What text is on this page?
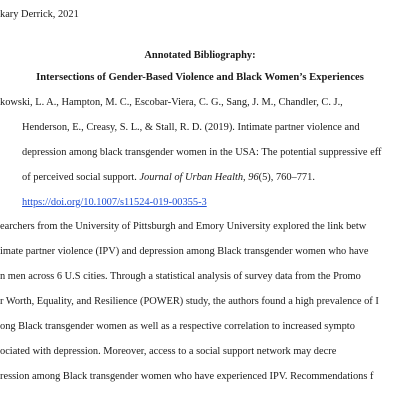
kary Derrick, 2021
Annotated Bibliography:
Intersections of Gender-Based Violence and Black Women’s Experiences
kowski, L. A., Hampton, M. C., Escobar-Viera, C. G., Sang, J. M., Chandler, C. J.,
Henderson, E., Creasy, S. L., & Stall, R. D. (2019). Intimate partner violence and
depression among black transgender women in the USA: The potential suppressive eff
of perceived social support. Journal of Urban Health, 96(5), 760–771.
https://doi.org/10.1007/s11524-019-00355-3
earchers from the University of Pittsburgh and Emory University explored the link betw
imate partner violence (IPV) and depression among Black transgender women who have
n men across 6 U.S cities. Through a statistical analysis of survey data from the Promo
r Worth, Equality, and Resilience (POWER) study, the authors found a high prevalence of I
ong Black transgender women as well as a respective correlation to increased sympto
ociated with depression. Moreover, access to a social support network may decre
ression among Black transgender women who have experienced IPV. Recommendations f
